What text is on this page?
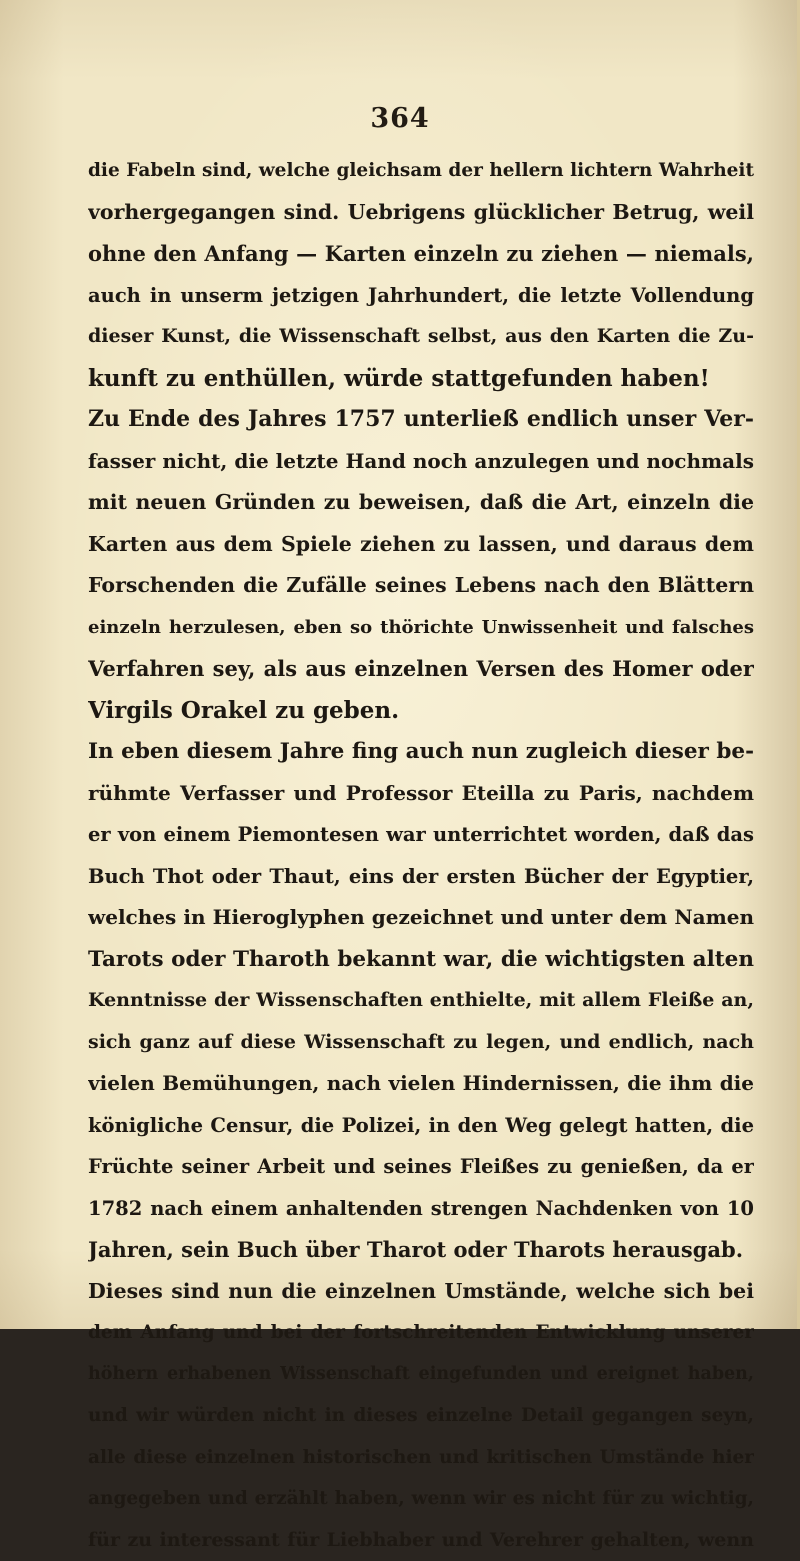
364
die Fabeln sind, welche gleichsam der hellern lichtern Wahrheit
vorhergegangen sind. Uebrigens glücklicher Betrug, weil
ohne den Anfang — Karten einzeln zu ziehen — niemals,
auch in unserm jetzigen Jahrhundert, die letzte Vollendung
dieser Kunst, die Wissenschaft selbst, aus den Karten die Zu-
kunft zu enthüllen, würde stattgefunden haben!
Zu Ende des Jahres 1757 unterließ endlich unser Ver-
fasser nicht, die letzte Hand noch anzulegen und nochmals
mit neuen Gründen zu beweisen, daß die Art, einzeln die
Karten aus dem Spiele ziehen zu lassen, und daraus dem
Forschenden die Zufälle seines Lebens nach den Blättern
einzeln herzulesen, eben so thörichte Unwissenheit und falsches
Verfahren sey, als aus einzelnen Versen des Homer oder
Virgils Orakel zu geben.
In eben diesem Jahre fing auch nun zugleich dieser be-
rühmte Verfasser und Professor Eteilla zu Paris, nachdem
er von einem Piemontesen war unterrichtet worden, daß das
Buch Thot oder Thaut, eins der ersten Bücher der Egyptier,
welches in Hieroglyphen gezeichnet und unter dem Namen
Tarots oder Tharoth bekannt war, die wichtigsten alten
Kenntnisse der Wissenschaften enthielte, mit allem Fleiße an,
sich ganz auf diese Wissenschaft zu legen, und endlich, nach
vielen Bemühungen, nach vielen Hindernissen, die ihm die
königliche Censur, die Polizei, in den Weg gelegt hatten, die
Früchte seiner Arbeit und seines Fleißes zu genießen, da er
1782 nach einem anhaltenden strengen Nachdenken von 10
Jahren, sein Buch über Tharot oder Tharots herausgab.
Dieses sind nun die einzelnen Umstände, welche sich bei
dem Anfang und bei der fortschreitenden Entwicklung unserer
höhern erhabenen Wissenschaft eingefunden und ereignet haben,
und wir würden nicht in dieses einzelne Detail gegangen seyn,
alle diese einzelnen historischen und kritischen Umstände hier
angegeben und erzählt haben, wenn wir es nicht für zu wichtig,
für zu interessant für Liebhaber und Verehrer gehalten, wenn
